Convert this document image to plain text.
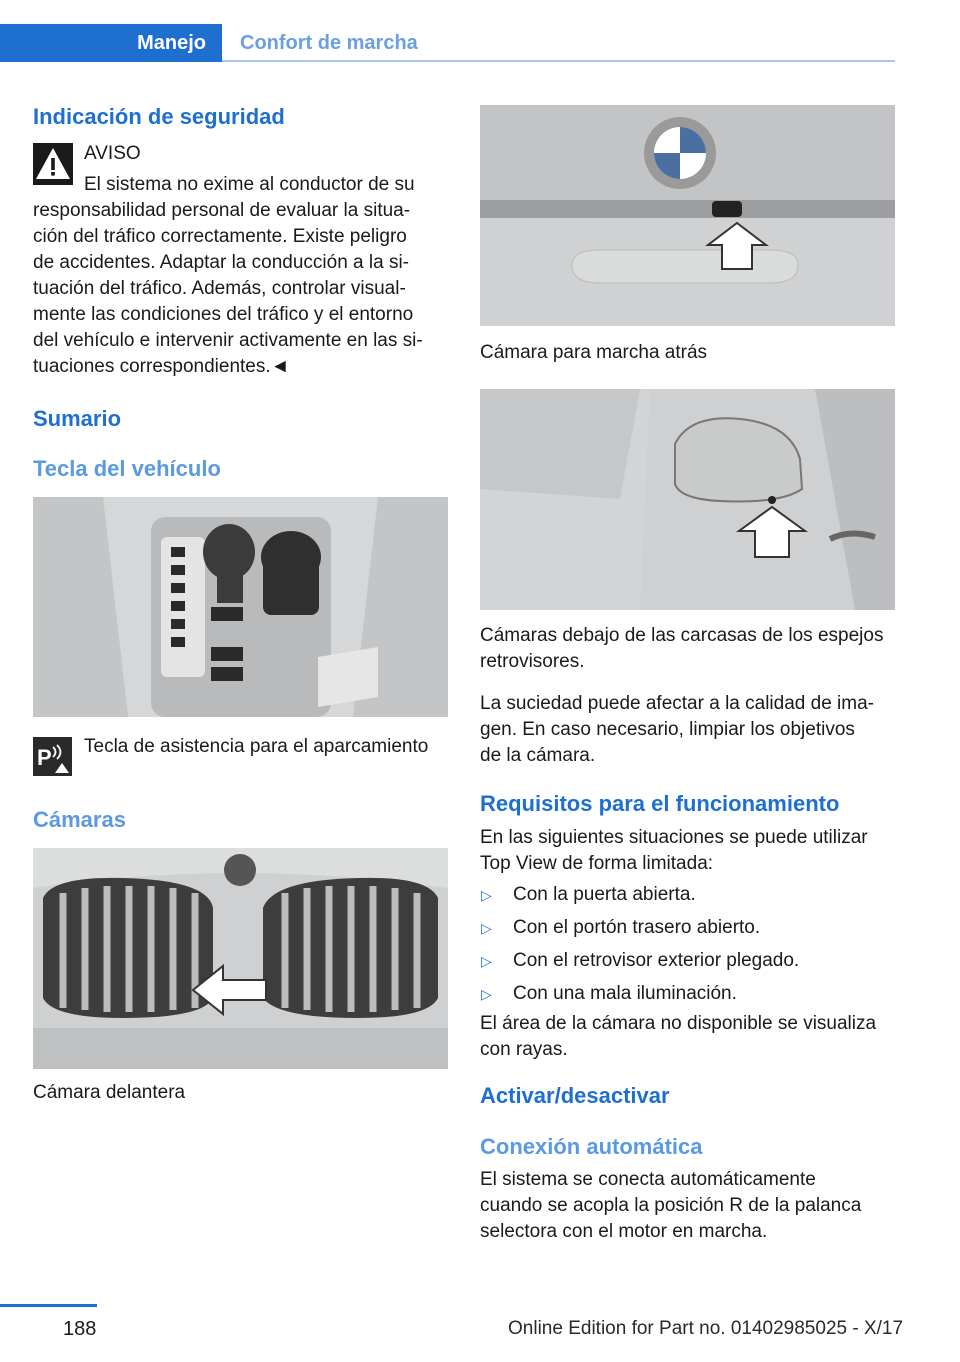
Manejo	Confort de marcha
Indicación de seguridad
AVISO
El sistema no exime al conductor de su
responsabilidad personal de evaluar la situa-
ción del tráfico correctamente. Existe peligro
de accidentes. Adaptar la conducción a la si-
tuación del tráfico. Además, controlar visual-
mente las condiciones del tráfico y el entorno
del vehículo e intervenir activamente en las si-
tuaciones correspondientes.◄
Sumario
Tecla del vehículo
P Tecla de asistencia para el aparcamiento
Cámaras
Cámara delantera
Cámara para marcha atrás
Cámaras debajo de las carcasas de los espejos
retrovisores.
La suciedad puede afectar a la calidad de ima-
gen. En caso necesario, limpiar los objetivos
de la cámara.
Requisitos para el funcionamiento
En las siguientes situaciones se puede utilizar
Top View de forma limitada:
▷ Con la puerta abierta.
▷ Con el portón trasero abierto.
▷ Con el retrovisor exterior plegado.
▷ Con una mala iluminación.
El área de la cámara no disponible se visualiza
con rayas.
Activar/desactivar
Conexión automática
El sistema se conecta automáticamente
cuando se acopla la posición R de la palanca
selectora con el motor en marcha.
188	Online Edition for Part no. 01402985025 - X/17
